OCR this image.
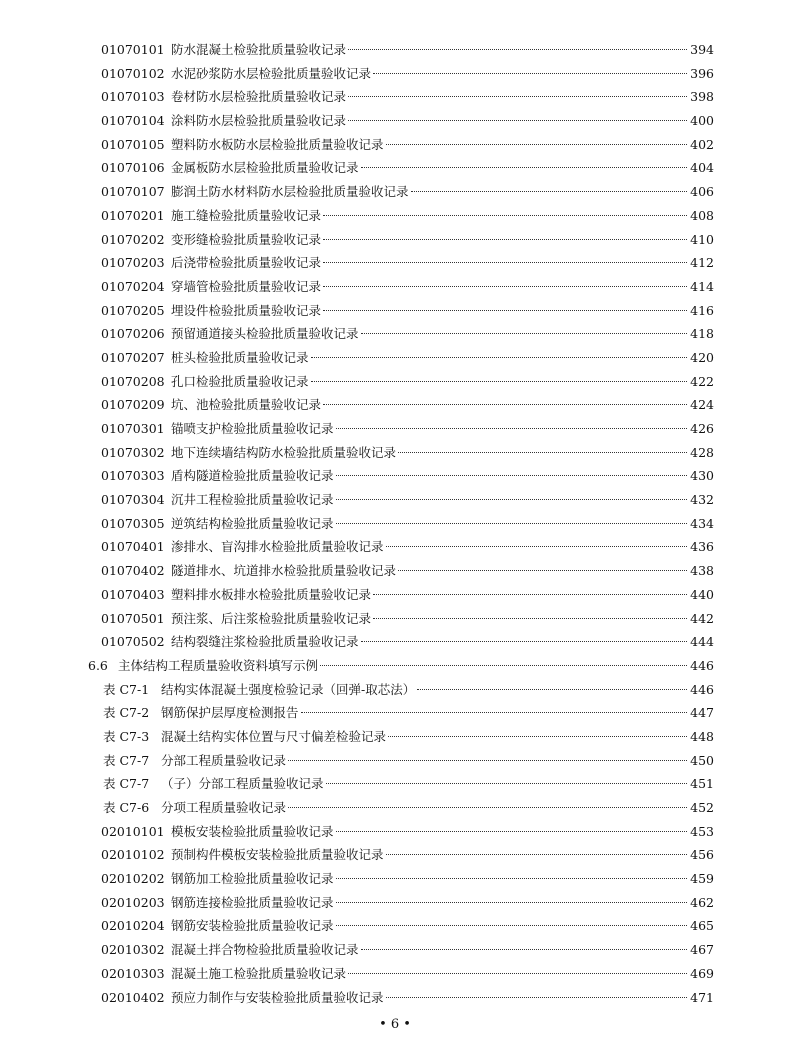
01070101 防水混凝土检验批质量验收记录	394
01070102 水泥砂浆防水层检验批质量验收记录	396
01070103 卷材防水层检验批质量验收记录	398
01070104 涂料防水层检验批质量验收记录	400
01070105 塑料防水板防水层检验批质量验收记录	402
01070106 金属板防水层检验批质量验收记录	404
01070107 膨润土防水材料防水层检验批质量验收记录	406
01070201 施工缝检验批质量验收记录	408
01070202 变形缝检验批质量验收记录	410
01070203 后浇带检验批质量验收记录	412
01070204 穿墙管检验批质量验收记录	414
01070205 埋设件检验批质量验收记录	416
01070206 预留通道接头检验批质量验收记录	418
01070207 桩头检验批质量验收记录	420
01070208 孔口检验批质量验收记录	422
01070209 坑、池检验批质量验收记录	424
01070301 锚喷支护检验批质量验收记录	426
01070302 地下连续墙结构防水检验批质量验收记录	428
01070303 盾构隧道检验批质量验收记录	430
01070304 沉井工程检验批质量验收记录	432
01070305 逆筑结构检验批质量验收记录	434
01070401 渗排水、盲沟排水检验批质量验收记录	436
01070402 隧道排水、坑道排水检验批质量验收记录	438
01070403 塑料排水板排水检验批质量验收记录	440
01070501 预注浆、后注浆检验批质量验收记录	442
01070502 结构裂缝注浆检验批质量验收记录	444
6.6 主体结构工程质量验收资料填写示例	446
表 C7-1 结构实体混凝土强度检验记录（回弹-取芯法）	446
表 C7-2 钢筋保护层厚度检测报告	447
表 C7-3 混凝土结构实体位置与尺寸偏差检验记录	448
表 C7-7 分部工程质量验收记录	450
表 C7-7 （子）分部工程质量验收记录	451
表 C7-6 分项工程质量验收记录	452
02010101 模板安装检验批质量验收记录	453
02010102 预制构件模板安装检验批质量验收记录	456
02010202 钢筋加工检验批质量验收记录	459
02010203 钢筋连接检验批质量验收记录	462
02010204 钢筋安装检验批质量验收记录	465
02010302 混凝土拌合物检验批质量验收记录	467
02010303 混凝土施工检验批质量验收记录	469
02010402 预应力制作与安装检验批质量验收记录	471
• 6 •
